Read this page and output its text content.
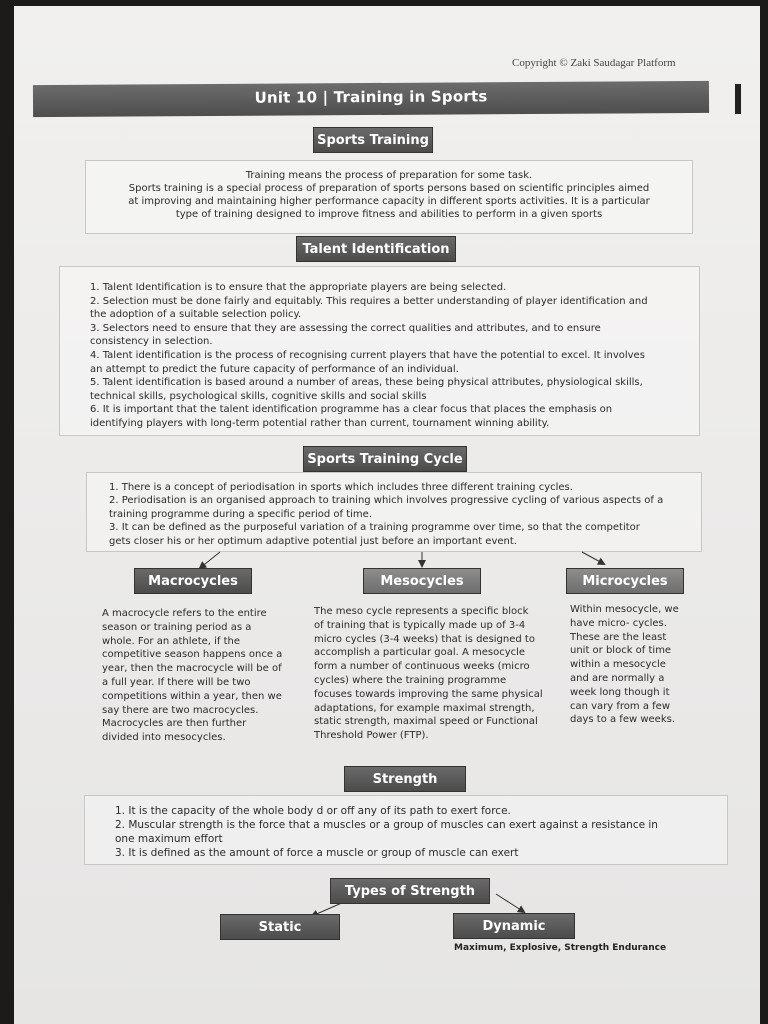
Copyright © Zaki Saudagar Platform
Unit 10 | Training in Sports
Sports Training

Training means the process of preparation for some task.

Sports training is a special process of preparation of sports persons based on scientific principles aimed

at improving and maintaining higher performance capacity in different sports activities. It is a particular

type of training designed to improve fitness and abilities to perform in a given sports

Talent Identification

1. Talent Identification is to ensure that the appropriate players are being selected.

2. Selection must be done fairly and equitably. This requires a better understanding of player identification and

the adoption of a suitable selection policy.

3. Selectors need to ensure that they are assessing the correct qualities and attributes, and to ensure

consistency in selection.

4. Talent identification is the process of recognising current players that have the potential to excel. It involves

an attempt to predict the future capacity of performance of an individual.

5. Talent identification is based around a number of areas, these being physical attributes, physiological skills,

technical skills, psychological skills, cognitive skills and social skills

6. It is important that the talent identification programme has a clear focus that places the emphasis on

identifying players with long-term potential rather than current, tournament winning ability.

Sports Training Cycle

1. There is a concept of periodisation in sports which includes three different training cycles.

2. Periodisation is an organised approach to training which involves progressive cycling of various aspects of a

training programme during a specific period of time.

3. It can be defined as the purposeful variation of a training programme over time, so that the competitor

gets closer his or her optimum adaptive potential just before an important event.

Macrocycles	Mesocycles	Microcycles
A macrocycle refers to the entire
season or training period as a
whole. For an athlete, if the
competitive season happens once a
year, then the macrocycle will be of
a full year. If there will be two
competitions within a year, then we
say there are two macrocycles.
Macrocycles are then further
divided into mesocycles.
The meso cycle represents a specific block
of training that is typically made up of 3-4
micro cycles (3-4 weeks) that is designed to
accomplish a particular goal. A mesocycle
form a number of continuous weeks (micro
cycles) where the training programme
focuses towards improving the same physical
adaptations, for example maximal strength,
static strength, maximal speed or Functional
Threshold Power (FTP).
Within mesocycle, we
have micro- cycles.
These are the least
unit or block of time
within a mesocycle
and are normally a
week long though it
can vary from a few
days to a few weeks.
Strength

1. It is the capacity of the whole body d or off any of its path to exert force.

2. Muscular strength is the force that a muscles or a group of muscles can exert against a resistance in

one maximum effort

3. It is defined as the amount of force a muscle or group of muscle can exert

Types of Strength
Static	Dynamic
Maximum, Explosive, Strength Endurance
